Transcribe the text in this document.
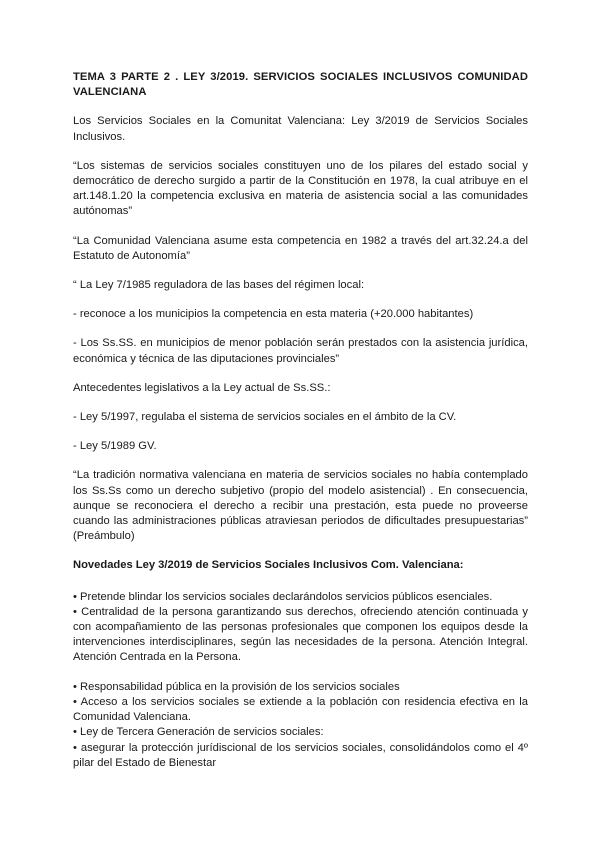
TEMA 3 PARTE 2 . LEY 3/2019. SERVICIOS SOCIALES INCLUSIVOS COMUNIDAD VALENCIANA

Los Servicios Sociales en la Comunitat Valenciana: Ley 3/2019 de Servicios Sociales Inclusivos.

“Los sistemas de servicios sociales constituyen uno de los pilares del estado social y democrático de derecho surgido a partir de la Constitución en 1978, la cual atribuye en el art.148.1.20 la competencia exclusiva en materia de asistencia social a las comunidades autónomas”

“La Comunidad Valenciana asume esta competencia en 1982 a través del art.32.24.a del Estatuto de Autonomía”

“ La Ley 7/1985 reguladora de las bases del régimen local:

- reconoce a los municipios la competencia en esta materia (+20.000 habitantes)

- Los Ss.SS. en municipios de menor población serán prestados con la asistencia jurídica, económica y técnica de las diputaciones provinciales”

Antecedentes legislativos a la Ley actual de Ss.SS.:

- Ley 5/1997, regulaba el sistema de servicios sociales en el ámbito de la CV.

- Ley 5/1989 GV.

“La tradición normativa valenciana en materia de servicios sociales no había contemplado los Ss.Ss como un derecho subjetivo (propio del modelo asistencial) . En consecuencia, aunque se reconociera el derecho a recibir una prestación, esta puede no proveerse cuando las administraciones públicas atraviesan periodos de dificultades presupuestarias” (Preámbulo)

Novedades Ley 3/2019 de Servicios Sociales Inclusivos Com. Valenciana:

• Pretende blindar los servicios sociales declarándolos servicios públicos esenciales.

• Centralidad de la persona garantizando sus derechos, ofreciendo atención continuada y con acompañamiento de las personas profesionales que componen los equipos desde la intervenciones interdisciplinares, según las necesidades de la persona. Atención Integral. Atención Centrada en la Persona.

• Responsabilidad pública en la provisión de los servicios sociales

• Acceso a los servicios sociales se extiende a la población con residencia efectiva en la Comunidad Valenciana.

• Ley de Tercera Generación de servicios sociales:

• asegurar la protección jurídiscional de los servicios sociales, consolidándolos como el 4º pilar del Estado de Bienestar
